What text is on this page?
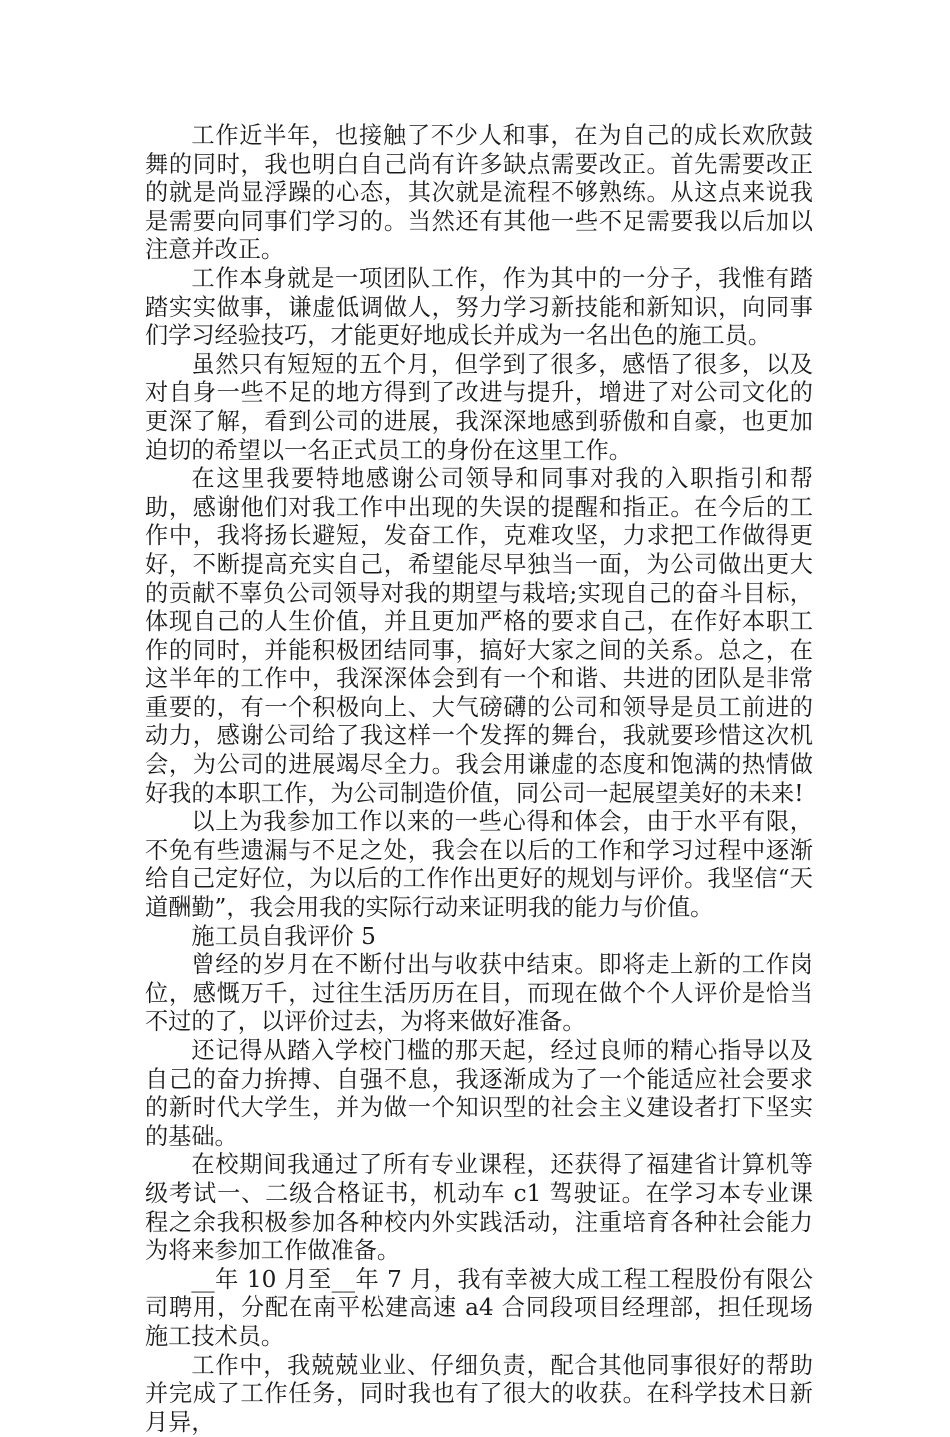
工作近半年，也接触了不少人和事，在为自己的成长欢欣鼓舞的同时，我也明白自己尚有许多缺点需要改正。首先需要改正的就是尚显浮躁的心态，其次就是流程不够熟练。从这点来说我是需要向同事们学习的。当然还有其他一些不足需要我以后加以注意并改正。

工作本身就是一项团队工作，作为其中的一分子，我惟有踏踏实实做事，谦虚低调做人，努力学习新技能和新知识，向同事们学习经验技巧，才能更好地成长并成为一名出色的施工员。

虽然只有短短的五个月，但学到了很多，感悟了很多，以及对自身一些不足的地方得到了改进与提升，增进了对公司文化的更深了解，看到公司的进展，我深深地感到骄傲和自豪，也更加迫切的希望以一名正式员工的身份在这里工作。

在这里我要特地感谢公司领导和同事对我的入职指引和帮助，感谢他们对我工作中出现的失误的提醒和指正。在今后的工作中，我将扬长避短，发奋工作，克难攻坚，力求把工作做得更好，不断提高充实自己，希望能尽早独当一面，为公司做出更大的贡献不辜负公司领导对我的期望与栽培;实现自己的奋斗目标，体现自己的人生价值，并且更加严格的要求自己，在作好本职工作的同时，并能积极团结同事，搞好大家之间的关系。总之，在这半年的工作中，我深深体会到有一个和谐、共进的团队是非常重要的，有一个积极向上、大气磅礴的公司和领导是员工前进的动力，感谢公司给了我这样一个发挥的舞台，我就要珍惜这次机会，为公司的进展竭尽全力。我会用谦虚的态度和饱满的热情做好我的本职工作，为公司制造价值，同公司一起展望美好的未来!

以上为我参加工作以来的一些心得和体会，由于水平有限，不免有些遗漏与不足之处，我会在以后的工作和学习过程中逐渐给自己定好位，为以后的工作作出更好的规划与评价。我坚信“天道酬勤”，我会用我的实际行动来证明我的能力与价值。

施工员自我评价 5

曾经的岁月在不断付出与收获中结束。即将走上新的工作岗位，感慨万千，过往生活历历在目，而现在做个个人评价是恰当不过的了，以评价过去，为将来做好准备。

还记得从踏入学校门槛的那天起，经过良师的精心指导以及自己的奋力拚搏、自强不息，我逐渐成为了一个能适应社会要求的新时代大学生，并为做一个知识型的社会主义建设者打下坚实的基础。

在校期间我通过了所有专业课程，还获得了福建省计算机等级考试一、二级合格证书，机动车 c1 驾驶证。在学习本专业课程之余我积极参加各种校内外实践活动，注重培育各种社会能力为将来参加工作做准备。

__年 10 月至__年 7 月，我有幸被大成工程工程股份有限公司聘用，分配在南平松建高速 a4 合同段项目经理部，担任现场施工技术员。

工作中，我兢兢业业、仔细负责，配合其他同事很好的帮助并完成了工作任务，同时我也有了很大的收获。在科学技术日新月异，
